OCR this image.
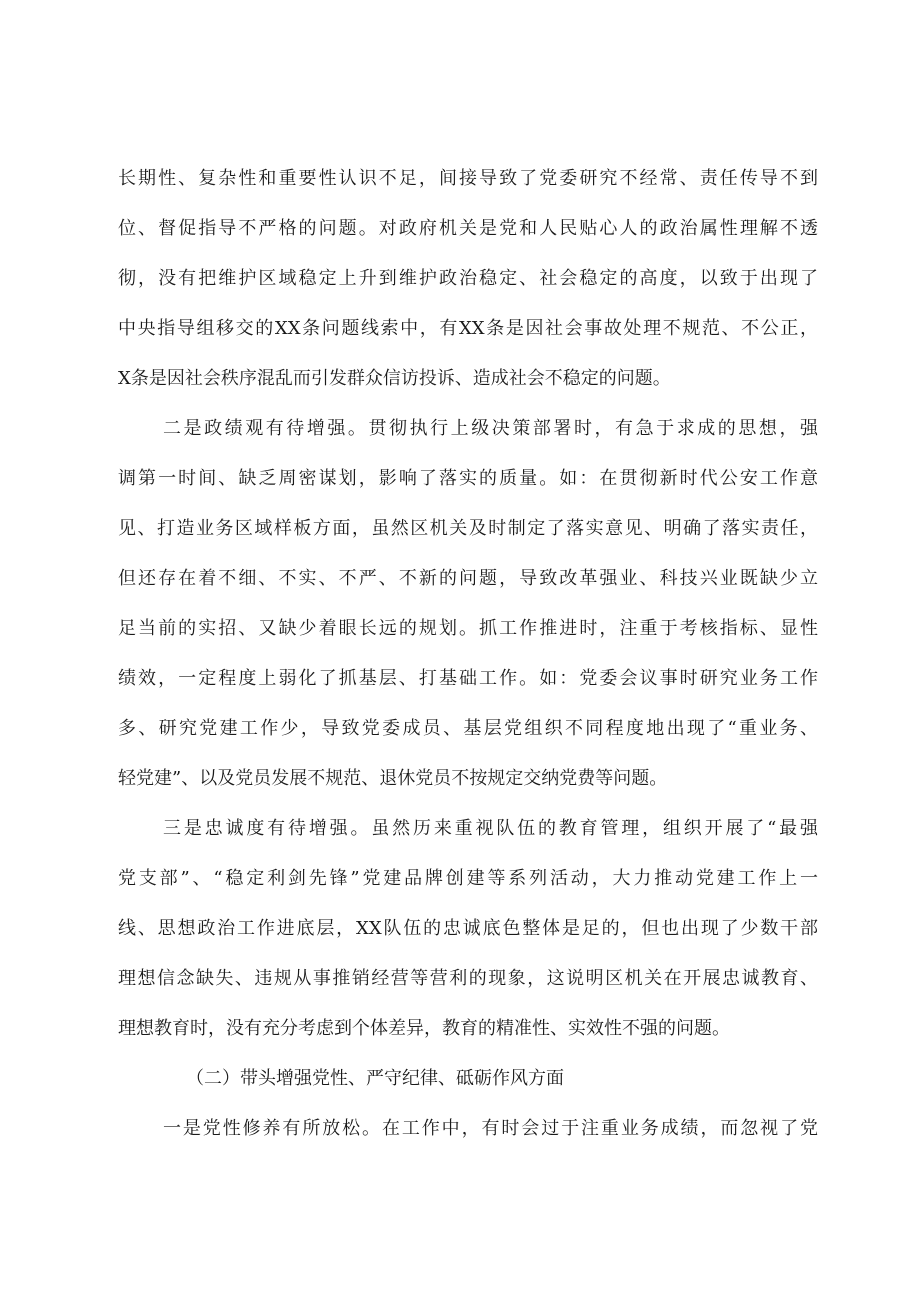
长期性、复杂性和重要性认识不足，间接导致了党委研究不经常、责任传导不到
位、督促指导不严格的问题。对政府机关是党和人民贴心人的政治属性理解不透
彻，没有把维护区域稳定上升到维护政治稳定、社会稳定的高度，以致于出现了
中央指导组移交的XX条问题线索中，有XX条是因社会事故处理不规范、不公正，
X条是因社会秩序混乱而引发群众信访投诉、造成社会不稳定的问题。
二是政绩观有待增强。贯彻执行上级决策部署时，有急于求成的思想，强
调第一时间、缺乏周密谋划，影响了落实的质量。如：在贯彻新时代公安工作意
见、打造业务区域样板方面，虽然区机关及时制定了落实意见、明确了落实责任，
但还存在着不细、不实、不严、不新的问题，导致改革强业、科技兴业既缺少立
足当前的实招、又缺少着眼长远的规划。抓工作推进时，注重于考核指标、显性
绩效，一定程度上弱化了抓基层、打基础工作。如：党委会议事时研究业务工作
多、研究党建工作少，导致党委成员、基层党组织不同程度地出现了“重业务、
轻党建”、以及党员发展不规范、退休党员不按规定交纳党费等问题。
三是忠诚度有待增强。虽然历来重视队伍的教育管理，组织开展了“最强
党支部”、“稳定利剑先锋”党建品牌创建等系列活动，大力推动党建工作上一
线、思想政治工作进底层，XX队伍的忠诚底色整体是足的，但也出现了少数干部
理想信念缺失、违规从事推销经营等营利的现象，这说明区机关在开展忠诚教育、
理想教育时，没有充分考虑到个体差异，教育的精准性、实效性不强的问题。
（二）带头增强党性、严守纪律、砥砺作风方面
一是党性修养有所放松。在工作中，有时会过于注重业务成绩，而忽视了党
